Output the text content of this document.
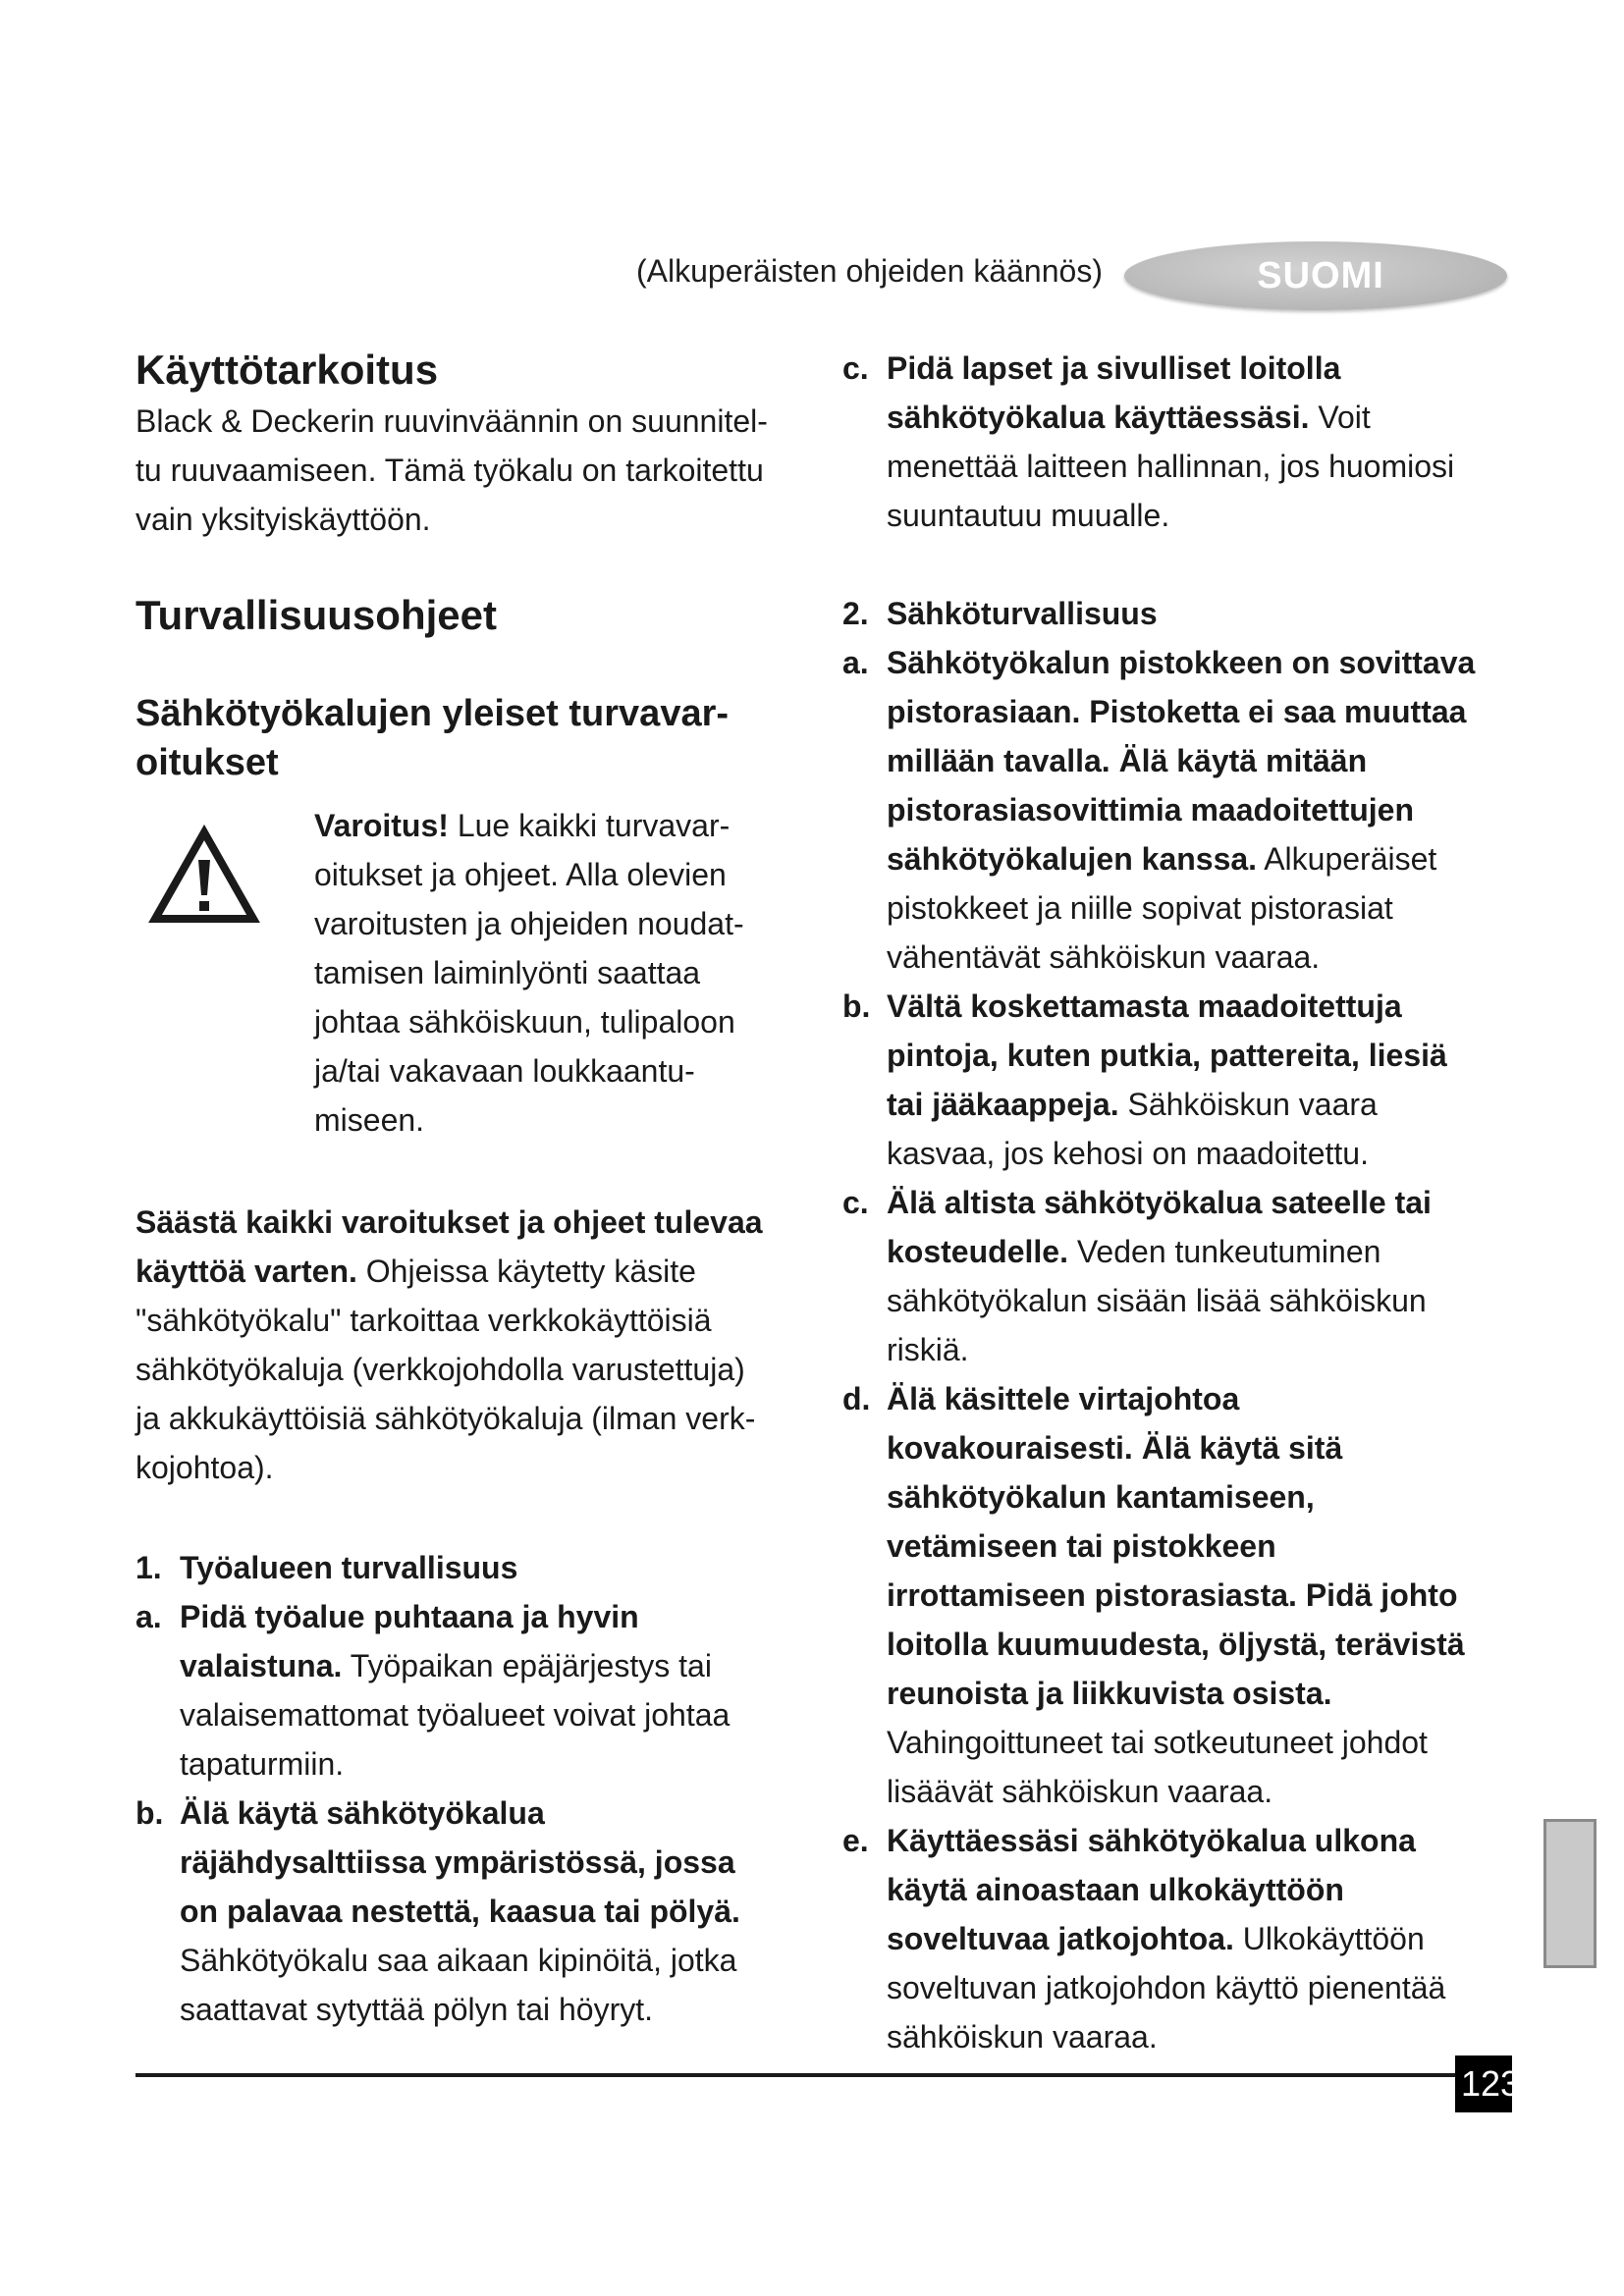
(Alkuperäisten ohjeiden käännös)	SUOMI
Käyttötarkoitus

Black & Deckerin ruuvinväännin on suunnitel-
tu ruuvaamiseen. Tämä työkalu on tarkoitettu
vain yksityiskäyttöön.

Turvallisuusohjeet
Sähkötyökalujen yleiset turvavar-
oitukset
Varoitus! Lue kaikki turvavar-
oitukset ja ohjeet. Alla olevien
varoitusten ja ohjeiden noudat-
tamisen laiminlyönti saattaa
johtaa sähköiskuun, tulipaloon
ja/tai vakavaan loukkaantu-
miseen.

Säästä kaikki varoitukset ja ohjeet tulevaa
käyttöä varten. Ohjeissa käytetty käsite
"sähkötyökalu" tarkoittaa verkkokäyttöisiä
sähkötyökaluja (verkkojohdolla varustettuja)
ja akkukäyttöisiä sähkötyökaluja (ilman verk-
kojohtoa).

1. Työalueen turvallisuus
a. Pidä työalue puhtaana ja hyvin
valaistuna. Työpaikan epäjärjestys tai
valaisemattomat työalueet voivat johtaa
tapaturmiin.
b. Älä käytä sähkötyökalua
räjähdysalttiissa ympäristössä, jossa
on palavaa nestettä, kaasua tai pölyä.
Sähkötyökalu saa aikaan kipinöitä, jotka
saattavat sytyttää pölyn tai höyryt.
c. Pidä lapset ja sivulliset loitolla
sähkötyökalua käyttäessäsi. Voit
menettää laitteen hallinnan, jos huomiosi
suuntautuu muualle.
2. Sähköturvallisuus
a. Sähkötyökalun pistokkeen on sovittava
pistorasiaan. Pistoketta ei saa muuttaa
millään tavalla. Älä käytä mitään
pistorasiasovittimia maadoitettujen
sähkötyökalujen kanssa. Alkuperäiset
pistokkeet ja niille sopivat pistorasiat
vähentävät sähköiskun vaaraa.
b. Vältä koskettamasta maadoitettuja
pintoja, kuten putkia, pattereita, liesiä
tai jääkaappeja. Sähköiskun vaara
kasvaa, jos kehosi on maadoitettu.
c. Älä altista sähkötyökalua sateelle tai
kosteudelle. Veden tunkeutuminen
sähkötyökalun sisään lisää sähköiskun
riskiä.
d. Älä käsittele virtajohtoa
kovakouraisesti. Älä käytä sitä
sähkötyökalun kantamiseen,
vetämiseen tai pistokkeen
irrottamiseen pistorasiasta. Pidä johto
loitolla kuumuudesta, öljystä, terävistä
reunoista ja liikkuvista osista.
Vahingoittuneet tai sotkeutuneet johdot
lisäävät sähköiskun vaaraa.
e. Käyttäessäsi sähkötyökalua ulkona
käytä ainoastaan ulkokäyttöön
soveltuvaa jatkojohtoa. Ulkokäyttöön
soveltuvan jatkojohdon käyttö pienentää
sähköiskun vaaraa.
123
